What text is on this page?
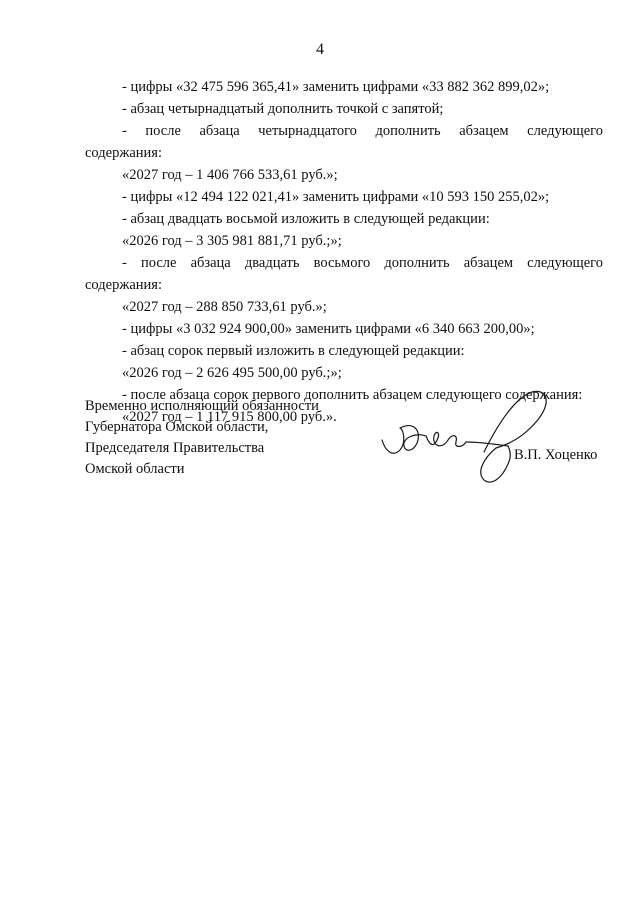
4
- цифры «32 475 596 365,41» заменить цифрами «33 882 362 899,02»;
- абзац четырнадцатый дополнить точкой с запятой;
- после абзаца четырнадцатого дополнить абзацем следующего
содержания:
«2027 год – 1 406 766 533,61 руб.»;
- цифры «12 494 122 021,41» заменить цифрами «10 593 150 255,02»;
- абзац двадцать восьмой изложить в следующей редакции:
«2026 год – 3 305 981 881,71 руб.;»;
- после абзаца двадцать восьмого дополнить абзацем следующего
содержания:
«2027 год – 288 850 733,61 руб.»;
- цифры «3 032 924 900,00» заменить цифрами «6 340 663 200,00»;
- абзац сорок первый изложить в следующей редакции:
«2026 год – 2 626 495 500,00 руб.;»;
- после абзаца сорок первого дополнить абзацем следующего содержания:
«2027 год – 1 117 915 800,00 руб.».
Временно исполняющий обязанности
Губернатора Омской области,
Председателя Правительства
Омской области
В.П. Хоценко
